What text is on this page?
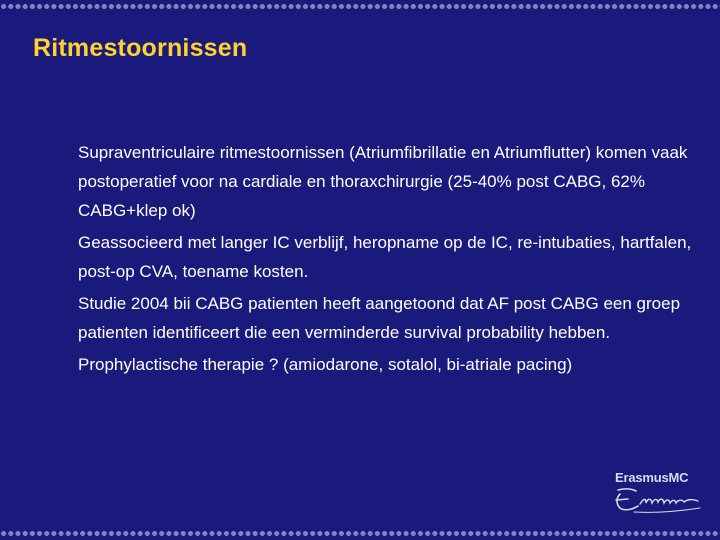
Ritmestoornissen
Supraventriculaire ritmestoornissen (Atriumfibrillatie en Atriumflutter) komen vaak postoperatief voor na cardiale en thoraxchirurgie (25-40% post CABG, 62% CABG+klep ok)
Geassocieerd met langer IC verblijf, heropname op de IC, re-intubaties, hartfalen, post-op CVA, toename kosten.
Studie 2004 bii CABG patienten heeft aangetoond dat AF post CABG een groep patienten identificeert die een verminderde survival probability hebben.
Prophylactische therapie ? (amiodarone, sotalol, bi-atriale pacing)
ErasmusMC
